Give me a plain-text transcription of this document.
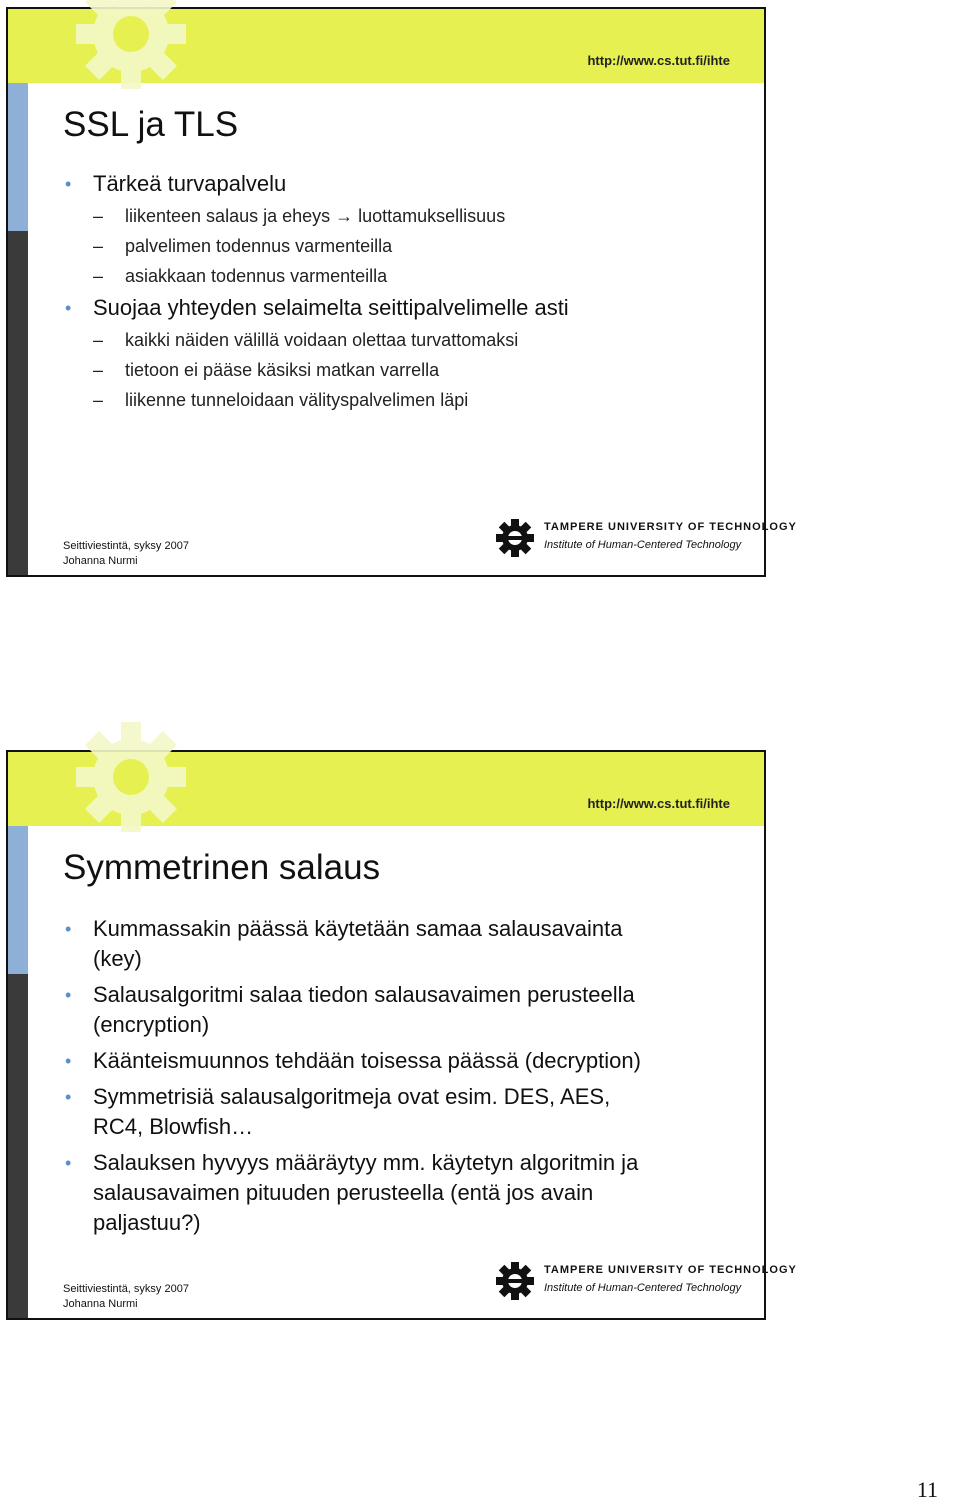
http://www.cs.tut.fi/ihte
SSL ja TLS
• Tärkeä turvapalvelu
– liikenteen salaus ja eheys → luottamuksellisuus
– palvelimen todennus varmenteilla
– asiakkaan todennus varmenteilla
• Suojaa yhteyden selaimelta seittipalvelimelle asti
– kaikki näiden välillä voidaan olettaa turvattomaksi
– tietoon ei pääse käsiksi matkan varrella
– liikenne tunneloidaan välityspalvelimen läpi
Seittiviestintä, syksy 2007
Johanna Nurmi
TAMPERE UNIVERSITY OF TECHNOLOGY
Institute of Human-Centered Technology
http://www.cs.tut.fi/ihte
Symmetrinen salaus
• Kummassakin päässä käytetään samaa salausavainta
(key)
• Salausalgoritmi salaa tiedon salausavaimen perusteella
(encryption)
• Käänteismuunnos tehdään toisessa päässä (decryption)
• Symmetrisiä salausalgoritmeja ovat esim. DES, AES,
RC4, Blowfish…
• Salauksen hyvyys määräytyy mm. käytetyn algoritmin ja
salausavaimen pituuden perusteella (entä jos avain
paljastuu?)
Seittiviestintä, syksy 2007
Johanna Nurmi
TAMPERE UNIVERSITY OF TECHNOLOGY
Institute of Human-Centered Technology
11
